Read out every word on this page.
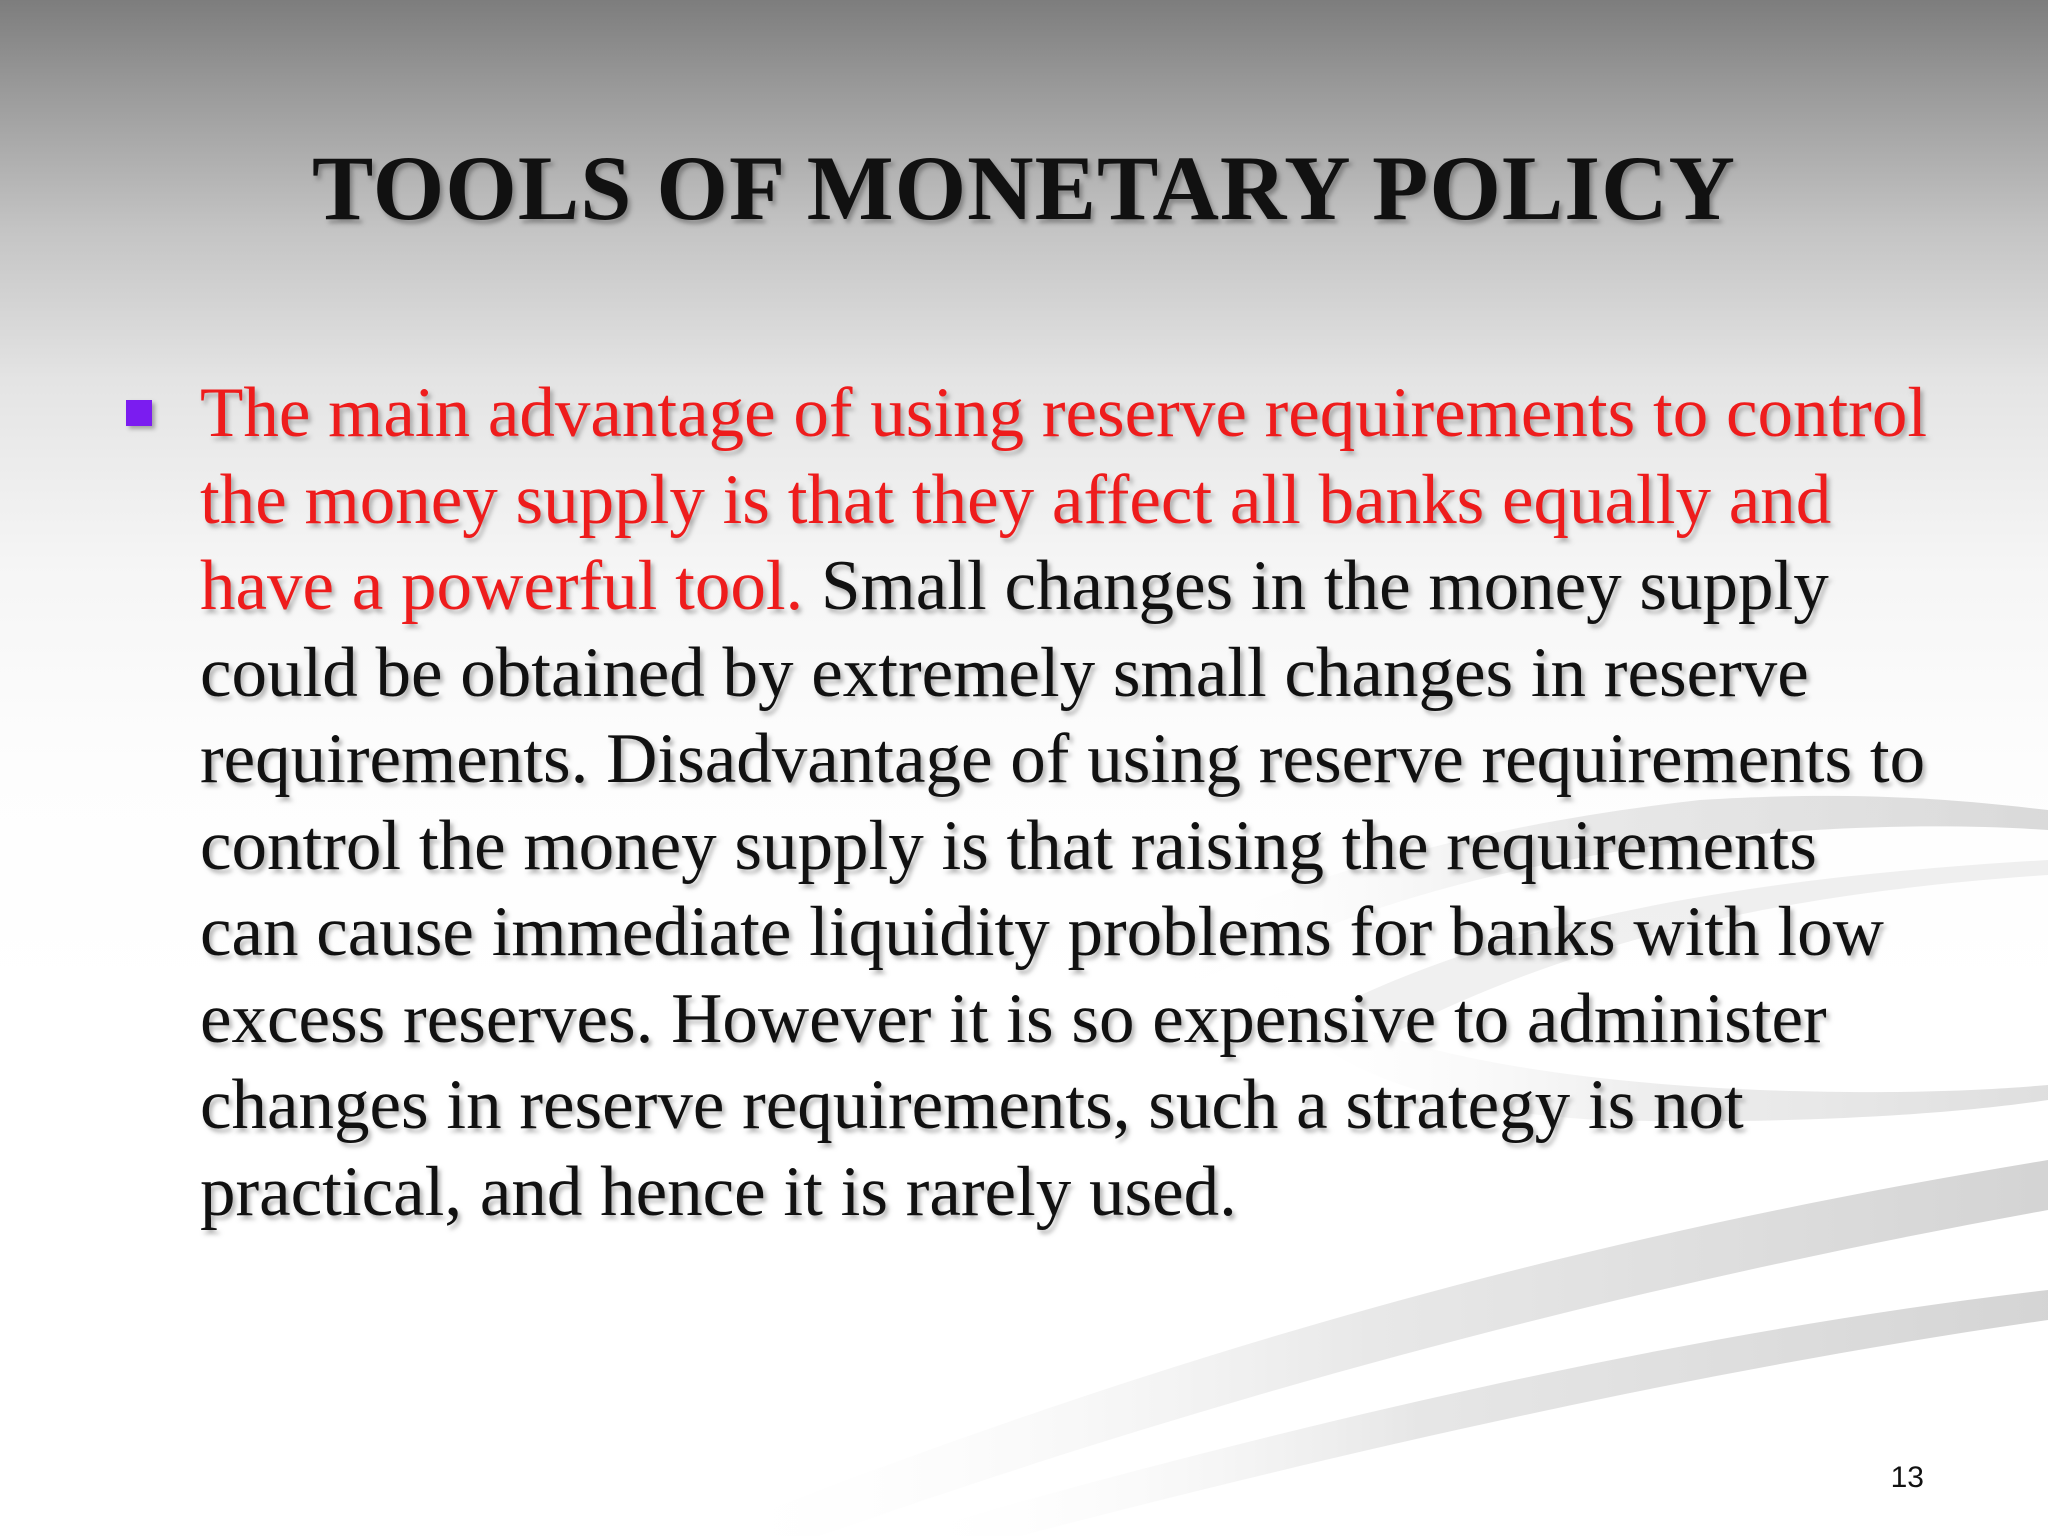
TOOLS OF MONETARY POLICY

The main advantage of using reserve requirements to control the money supply is that they affect all banks equally and have a powerful tool. Small changes in the money supply could be obtained by extremely small changes in reserve requirements. Disadvantage of using reserve requirements to control the money supply is that raising the requirements can cause immediate liquidity problems for banks with low excess reserves. However it is so expensive to administer changes in reserve requirements, such a strategy is not practical, and hence it is rarely used.

13
